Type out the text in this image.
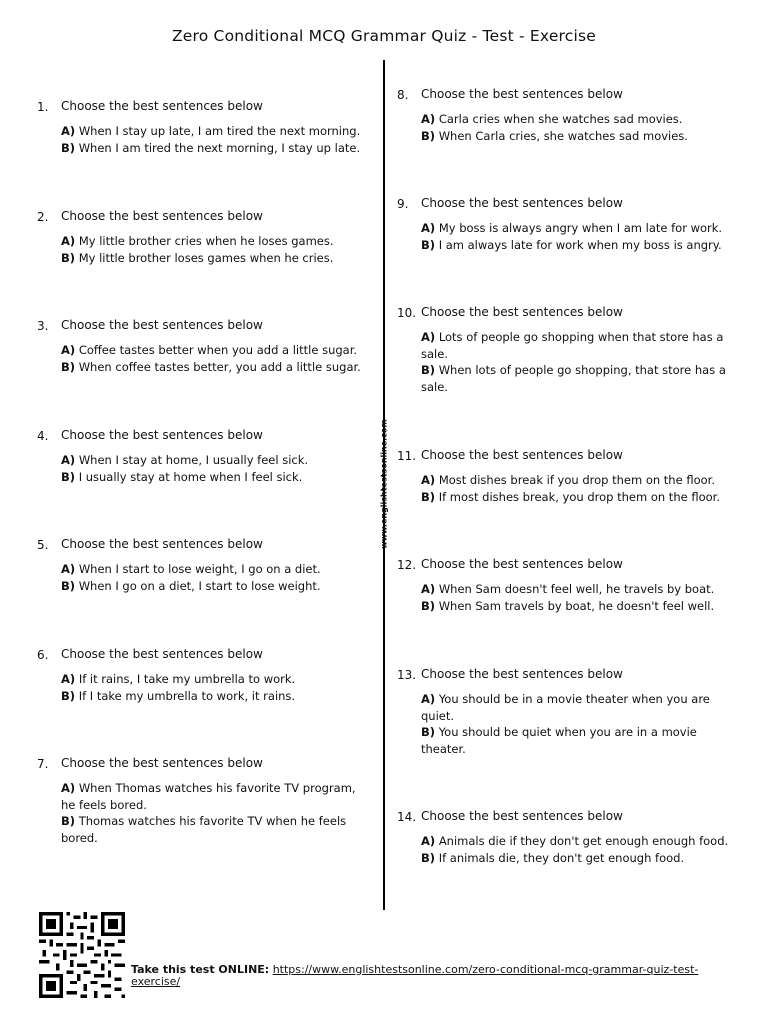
Zero Conditional MCQ Grammar Quiz - Test - Exercise
www.englishtestsonline.com
1. Choose the best sentences below
A) When I stay up late, I am tired the next morning.
B) When I am tired the next morning, I stay up late.
2. Choose the best sentences below
A) My little brother cries when he loses games.
B) My little brother loses games when he cries.
3. Choose the best sentences below
A) Coffee tastes better when you add a little sugar.
B) When coffee tastes better, you add a little sugar.
4. Choose the best sentences below
A) When I stay at home, I usually feel sick.
B) I usually stay at home when I feel sick.
5. Choose the best sentences below
A) When I start to lose weight, I go on a diet.
B) When I go on a diet, I start to lose weight.
6. Choose the best sentences below
A) If it rains, I take my umbrella to work.
B) If I take my umbrella to work, it rains.
7. Choose the best sentences below
A) When Thomas watches his favorite TV program, he feels bored.
B) Thomas watches his favorite TV when he feels bored.
8. Choose the best sentences below
A) Carla cries when she watches sad movies.
B) When Carla cries, she watches sad movies.
9. Choose the best sentences below
A) My boss is always angry when I am late for work.
B) I am always late for work when my boss is angry.
10. Choose the best sentences below
A) Lots of people go shopping when that store has a sale.
B) When lots of people go shopping, that store has a sale.
11. Choose the best sentences below
A) Most dishes break if you drop them on the floor.
B) If most dishes break, you drop them on the floor.
12. Choose the best sentences below
A) When Sam doesn't feel well, he travels by boat.
B) When Sam travels by boat, he doesn't feel well.
13. Choose the best sentences below
A) You should be in a movie theater when you are quiet.
B) You should be quiet when you are in a movie theater.
14. Choose the best sentences below
A) Animals die if they don't get enough enough food.
B) If animals die, they don't get enough food.
Take this test ONLINE: https://www.englishtestsonline.com/zero-conditional-mcq-grammar-quiz-test-exercise/
